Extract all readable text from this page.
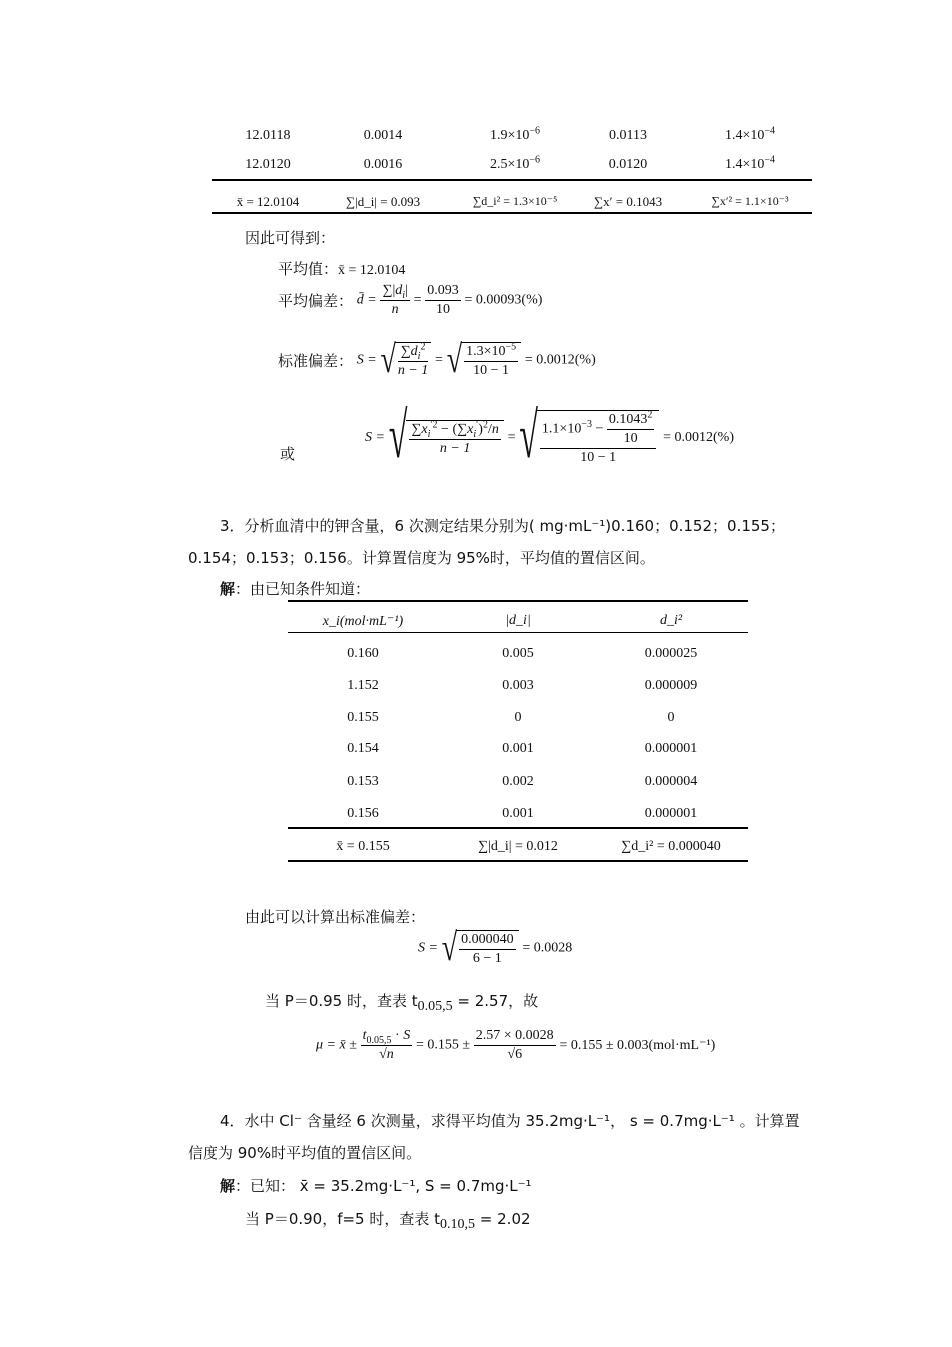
12.0118	0.0014	$1.9\times 10^{-6}$	0.0113	$1.4\times 10^{-4}$
12.0120	0.0016	$2.5\times 10^{-6}$	0.0120	$1.4\times 10^{-4}$
x̄ = 12.0104	∑|d_i| = 0.093	∑d_i² = 1.3×10⁻⁵	∑x′ = 0.1043	∑x′² = 1.1×10⁻³
因此可得到：
平均值：x̄ = 12.0104
平均偏差： d̄ = $\frac{\sum|d_i|}{n} = \frac{0.093}{10} = 0.00093(\%)$
标准偏差： S = √ $\frac{\sum d_i^2}{n - 1}$ = √ $\frac{1.3\times 10^{-5}}{10 - 1} = 0.0012(\%)$
或
S = √ $\frac{\sum x_i^{'2} - (\sum x_i')^2/n}{n - 1}$ = √ $\frac{1.1\times 10^{-3} - \frac{0.1043^2}{10}}{10 - 1} = 0.0012(\%)$
3．分析血清中的钾含量，6 次测定结果分别为( mg·mL⁻¹)0.160；0.152；0.155；
0.154；0.153；0.156。计算置信度为 95%时，平均值的置信区间。
解：由已知条件知道：
x_i(mol·mL⁻¹)	|d_i|	d_i²
0.160	0.005	0.000025
1.152	0.003	0.000009
0.155	0	0
0.154	0.001	0.000001
0.153	0.002	0.000004
0.156	0.001	0.000001
x̄ = 0.155	∑|d_i| = 0.012	∑d_i² = 0.000040
由此可以计算出标准偏差：
S = √ $\frac{0.000040}{6 - 1} = 0.0028$
当 P＝0.95 时，查表 $t_{0.05,5} = 2.57$，故
μ = x̄ ± $\frac{t_{0.05,5} \cdot S}{√n} = 0.155 \pm \frac{2.57 \times 0.0028}{√6} = 0.155 \pm 0.003(mol\cdot mL^{-1})$
4．水中 Cl⁻ 含量经 6 次测量，求得平均值为 35.2mg·L⁻¹， s = 0.7mg·L⁻¹ 。计算置
信度为 90%时平均值的置信区间。
解：已知： x̄ = 35.2mg·L⁻¹, S = 0.7mg·L⁻¹
当 P＝0.90，f=5 时，查表 $t_{0.10,5} = 2.02$
